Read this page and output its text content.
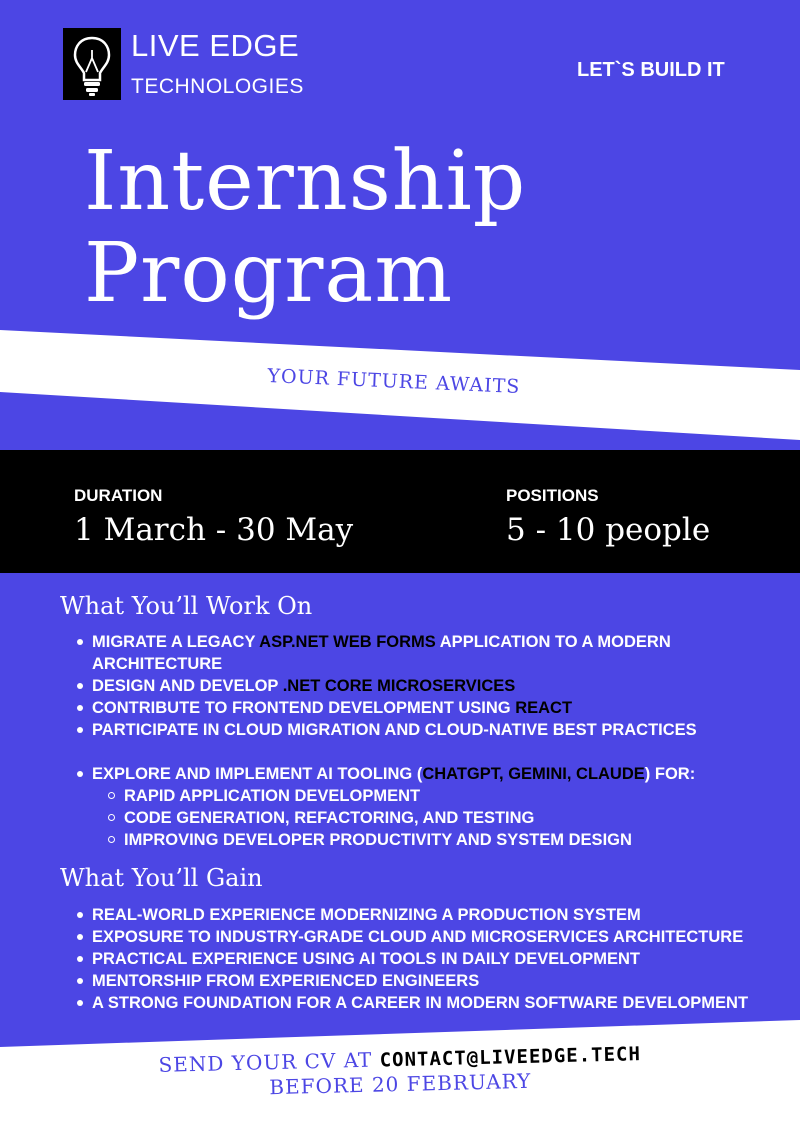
LIVE EDGE
TECHNOLOGIES
LET`S BUILD IT
Internship
Program
YOUR FUTURE AWAITS
DURATION
1 March - 30 May
POSITIONS
5 - 10 people
What You’ll Work On
MIGRATE A LEGACY ASP.NET WEB FORMS APPLICATION TO A MODERN ARCHITECTURE
DESIGN AND DEVELOP .NET CORE MICROSERVICES
CONTRIBUTE TO FRONTEND DEVELOPMENT USING REACT
PARTICIPATE IN CLOUD MIGRATION AND CLOUD-NATIVE BEST PRACTICES
EXPLORE AND IMPLEMENT AI TOOLING (CHATGPT, GEMINI, CLAUDE) FOR:
RAPID APPLICATION DEVELOPMENT
CODE GENERATION, REFACTORING, AND TESTING
IMPROVING DEVELOPER PRODUCTIVITY AND SYSTEM DESIGN
What You’ll Gain
REAL-WORLD EXPERIENCE MODERNIZING A PRODUCTION SYSTEM
EXPOSURE TO INDUSTRY-GRADE CLOUD AND MICROSERVICES ARCHITECTURE
PRACTICAL EXPERIENCE USING AI TOOLS IN DAILY DEVELOPMENT
MENTORSHIP FROM EXPERIENCED ENGINEERS
A STRONG FOUNDATION FOR A CAREER IN MODERN SOFTWARE DEVELOPMENT
SEND YOUR CV AT CONTACT@LIVEEDGE.TECH
BEFORE 20 FEBRUARY
